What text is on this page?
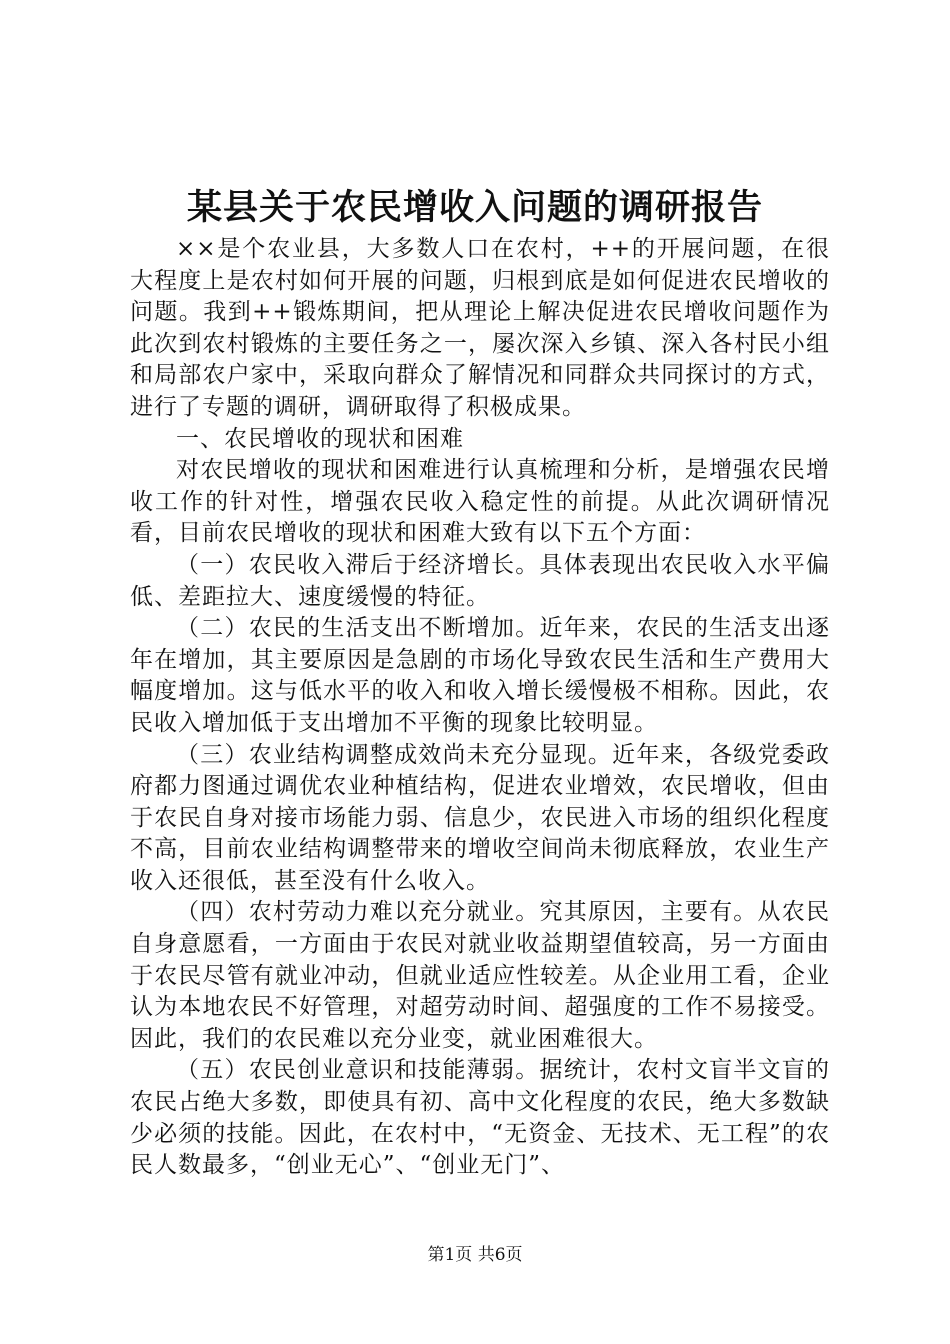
某县关于农民增收入问题的调研报告

××是个农业县，大多数人口在农村，++的开展问题，在很大程度上是农村如何开展的问题，归根到底是如何促进农民增收的问题。我到++锻炼期间，把从理论上解决促进农民增收问题作为此次到农村锻炼的主要任务之一，屡次深入乡镇、深入各村民小组和局部农户家中，采取向群众了解情况和同群众共同探讨的方式，进行了专题的调研，调研取得了积极成果。

一、农民增收的现状和困难

对农民增收的现状和困难进行认真梳理和分析，是增强农民增收工作的针对性，增强农民收入稳定性的前提。从此次调研情况看，目前农民增收的现状和困难大致有以下五个方面：

（一）农民收入滞后于经济增长。具体表现出农民收入水平偏低、差距拉大、速度缓慢的特征。

（二）农民的生活支出不断增加。近年来，农民的生活支出逐年在增加，其主要原因是急剧的市场化导致农民生活和生产费用大幅度增加。这与低水平的收入和收入增长缓慢极不相称。因此，农民收入增加低于支出增加不平衡的现象比较明显。

（三）农业结构调整成效尚未充分显现。近年来，各级党委政府都力图通过调优农业种植结构，促进农业增效，农民增收，但由于农民自身对接市场能力弱、信息少，农民进入市场的组织化程度不高，目前农业结构调整带来的增收空间尚未彻底释放，农业生产收入还很低，甚至没有什么收入。

（四）农村劳动力难以充分就业。究其原因，主要有。从农民自身意愿看，一方面由于农民对就业收益期望值较高，另一方面由于农民尽管有就业冲动，但就业适应性较差。从企业用工看，企业认为本地农民不好管理，对超劳动时间、超强度的工作不易接受。因此，我们的农民难以充分业变，就业困难很大。

（五）农民创业意识和技能薄弱。据统计，农村文盲半文盲的农民占绝大多数，即使具有初、高中文化程度的农民，绝大多数缺少必须的技能。因此，在农村中，“无资金、无技术、无工程”的农民人数最多，“创业无心”、“创业无门”、

第1页 共6页
